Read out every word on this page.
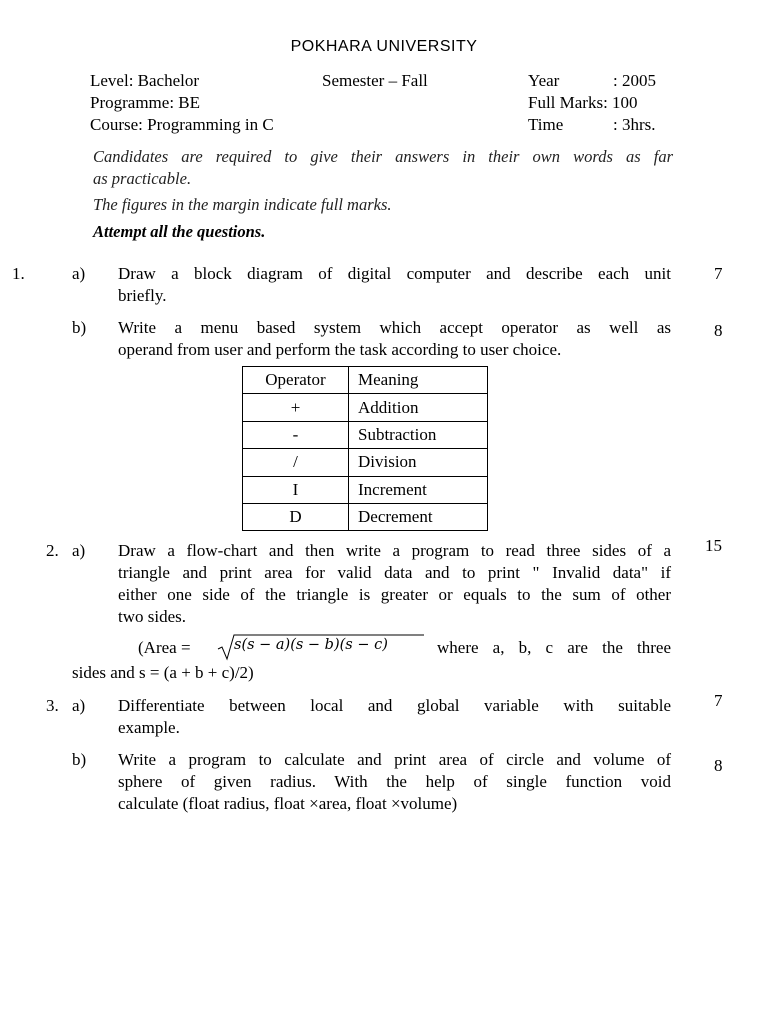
POKHARA UNIVERSITY
Level: Bachelor	Semester – Fall	Year	: 2005
Programme: BE	Full Marks: 100
Course: Programming in C	Time	: 3hrs.
Candidates are required to give their answers in their own words as far
as practicable.
The figures in the margin indicate full marks.
Attempt all the questions.
1.	a) Draw a block diagram of digital computer and describe each unit
briefly.
7
b) Write a menu based system which accept operator as well as
operand from user and perform the task according to user choice.
8
Operator	Meaning
+	Addition
-	Subtraction
/	Division
I	Increment
D	Decrement
2. a) Draw a flow-chart and then write a program to read three sides of a
triangle and print area for valid data and to print " Invalid data" if
either one side of the triangle is greater or equals to the sum of other
two sides.
15
(Area =	s(s − a)(s − b)(s − c)	where a, b, c are the three
sides and s = (a + b + c)/2)
3. a) Differentiate between local and global variable with suitable
example.
7
b) Write a program to calculate and print area of circle and volume of
sphere of given radius. With the help of single function void
calculate (float radius, float ×area, float ×volume)
8
